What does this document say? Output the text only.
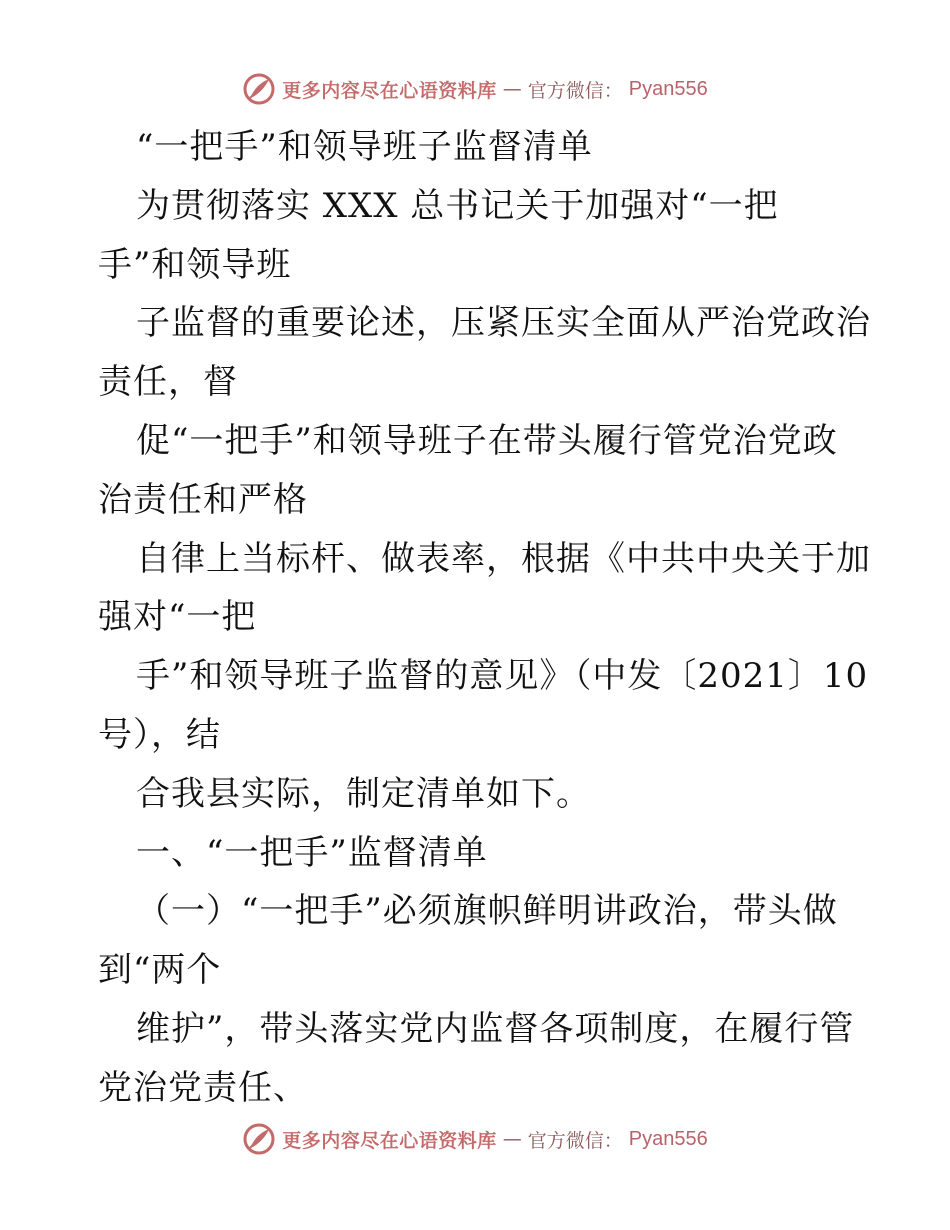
更多内容尽在心语资料库 — 官方微信： Pyan556
“一把手”和领导班子监督清单
为贯彻落实 XXX 总书记关于加强对“一把
手”和领导班
子监督的重要论述，压紧压实全面从严治党政治
责任，督
促“一把手”和领导班子在带头履行管党治党政
治责任和严格
自律上当标杆、做表率，根据《中共中央关于加
强对“一把
手”和领导班子监督的意见》（中发〔2021〕10
号），结
合我县实际，制定清单如下。
一、“一把手”监督清单
（一）“一把手”必须旗帜鲜明讲政治，带头做
到“两个
维护”，带头落实党内监督各项制度，在履行管
党治党责任、
更多内容尽在心语资料库 — 官方微信： Pyan556
